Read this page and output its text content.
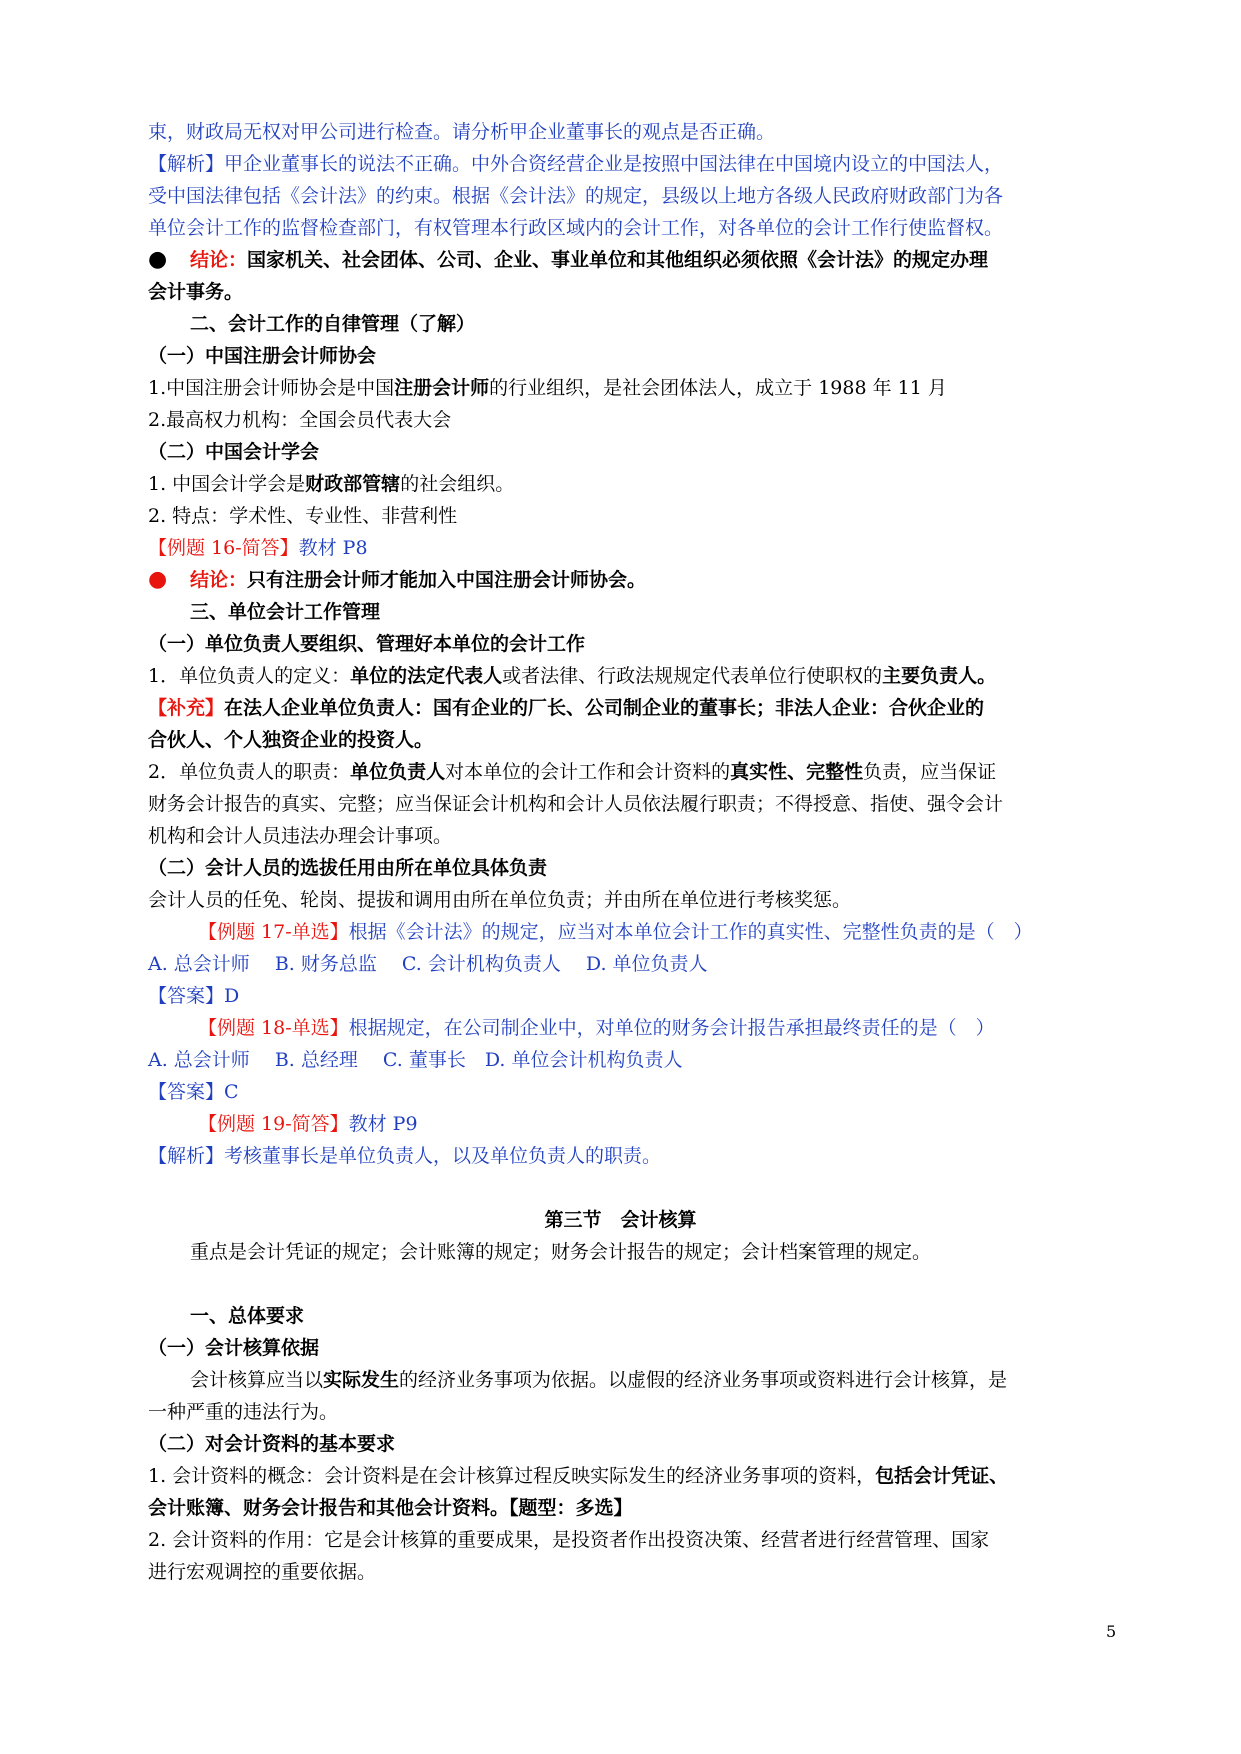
束，财政局无权对甲公司进行检查。请分析甲企业董事长的观点是否正确。
【解析】甲企业董事长的说法不正确。中外合资经营企业是按照中国法律在中国境内设立的中国法人，
受中国法律包括《会计法》的约束。根据《会计法》的规定，县级以上地方各级人民政府财政部门为各
单位会计工作的监督检查部门，有权管理本行政区域内的会计工作，对各单位的会计工作行使监督权。
● 结论：国家机关、社会团体、公司、企业、事业单位和其他组织必须依照《会计法》的规定办理
会计事务。
二、会计工作的自律管理（了解）
（一）中国注册会计师协会
1.中国注册会计师协会是中国注册会计师的行业组织，是社会团体法人，成立于 1988 年 11 月
2.最高权力机构：全国会员代表大会
（二）中国会计学会
1. 中国会计学会是财政部管辖的社会组织。
2. 特点：学术性、专业性、非营利性
【例题 16-简答】教材 P8
● 结论：只有注册会计师才能加入中国注册会计师协会。
三、单位会计工作管理
（一）单位负责人要组织、管理好本单位的会计工作
1．单位负责人的定义：单位的法定代表人或者法律、行政法规规定代表单位行使职权的主要负责人。
【补充】在法人企业单位负责人：国有企业的厂长、公司制企业的董事长；非法人企业：合伙企业的
合伙人、个人独资企业的投资人。
2．单位负责人的职责：单位负责人对本单位的会计工作和会计资料的真实性、完整性负责，应当保证
财务会计报告的真实、完整；应当保证会计机构和会计人员依法履行职责；不得授意、指使、强令会计
机构和会计人员违法办理会计事项。
（二）会计人员的选拔任用由所在单位具体负责
会计人员的任免、轮岗、提拔和调用由所在单位负责；并由所在单位进行考核奖惩。
【例题 17-单选】根据《会计法》的规定，应当对本单位会计工作的真实性、完整性负责的是（　）
A. 总会计师　 B. 财务总监　 C. 会计机构负责人　 D. 单位负责人
【答案】D
【例题 18-单选】根据规定，在公司制企业中，对单位的财务会计报告承担最终责任的是（　）
A. 总会计师　 B. 总经理　 C. 董事长　D. 单位会计机构负责人
【答案】C
【例题 19-简答】教材 P9
【解析】考核董事长是单位负责人，以及单位负责人的职责。
第三节　会计核算
重点是会计凭证的规定；会计账簿的规定；财务会计报告的规定；会计档案管理的规定。
一、总体要求
（一）会计核算依据
会计核算应当以实际发生的经济业务事项为依据。以虚假的经济业务事项或资料进行会计核算，是
一种严重的违法行为。
（二）对会计资料的基本要求
1. 会计资料的概念：会计资料是在会计核算过程反映实际发生的经济业务事项的资料，包括会计凭证、
会计账簿、财务会计报告和其他会计资料。【题型：多选】
2. 会计资料的作用：它是会计核算的重要成果，是投资者作出投资决策、经营者进行经营管理、国家
进行宏观调控的重要依据。
5
